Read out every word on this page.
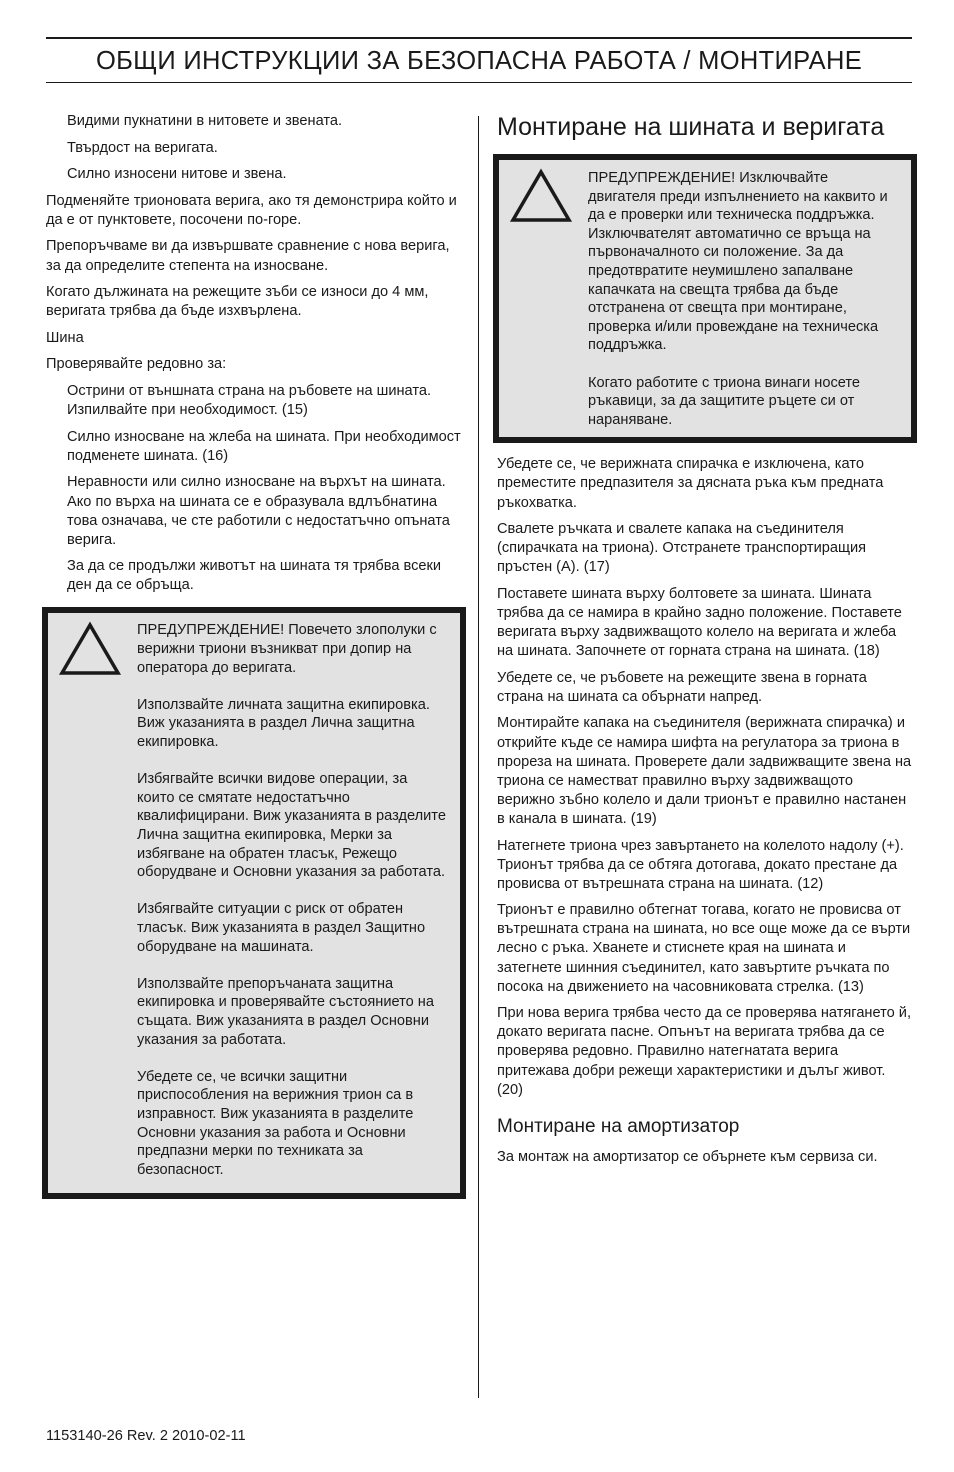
ОБЩИ ИНСТРУКЦИИ ЗА БЕЗОПАСНА РАБОТА / МОНТИРАНЕ

Видими пукнатини в нитовете и звената.

Твърдост на веригата.

Силно износени нитове и звена.

Подменяйте трионовата верига, ако тя демонстрира който и да е от пунктовете, посочени по-горе.

Препоръчваме ви да извършвате сравнение с нова верига, за да определите степента на износване.

Когато дължината на режещите зъби се износи до 4 мм, веригата трябва да бъде изхвърлена.

Шина

Проверявайте редовно за:

Острини от външната страна на ръбовете на шината. Изпилвайте при необходимост. (15)

Силно износване на жлеба на шината. При необходимост подменете шината. (16)

Неравности или силно износване на върхът на шината. Ако по върха на шината се е образувала вдлъбнатина това означава, че сте работили с недостатъчно опъната верига.

За да се продължи животът на шината тя трябва всеки ден да се обръща.

ПРЕДУПРЕЖДЕНИЕ! Повечето злополуки с верижни триони възникват при допир на оператора до веригата.

Използвайте личната защитна екипировка. Виж указанията в раздел Лична защитна екипировка.

Избягвайте всички видове операции, за които се смятате недостатъчно квалифицирани. Виж указанията в разделите Лична защитна екипировка, Мерки за избягване на обратен тласък, Режещо оборудване и Основни указания за работата.

Избягвайте ситуации с риск от обратен тласък. Виж указанията в раздел Защитно оборудване на машината.

Използвайте препоръчаната защитна екипировка и проверявайте състоянието на същата. Виж указанията в раздел Основни указания за работата.

Убедете се, че всички защитни приспособления на верижния трион са в изправност. Виж указанията в разделите Основни указания за работа и Основни предпазни мерки по техниката за безопасност.

Монтиране на шината и веригата

ПРЕДУПРЕЖДЕНИЕ! Изключвайте двигателя преди изпълнението на каквито и да е проверки или техническа поддръжка. Изключвателят автоматично се връща на първоначалното си положение. За да предотвратите неумишлено запалване капачката на свещта трябва да бъде отстранена от свещта при монтиране, проверка и/или провеждане на техническа поддръжка.

Когато работите с триона винаги носете ръкавици, за да защитите ръцете си от нараняване.

Убедете се, че верижната спирачка е изключена, като преместите предпазителя за дясната ръка към предната ръкохватка.

Свалете ръчката и свалете капака на съединителя (спирачката на триона). Отстранете транспортиращия пръстен (A). (17)

Поставете шината върху болтовете за шината. Шината трябва да се намира в крайно задно положение. Поставете веригата върху задвижващото колело на веригата и жлеба на шината. Започнете от горната страна на шината. (18)

Убедете се, че ръбовете на режещите звена в горната страна на шината са обърнати напред.

Монтирайте капака на съединителя (верижната спирачка) и открийте къде се намира шифта на регулатора за триона в прореза на шината. Проверете дали задвижващите звена на триона се наместват правилно върху задвижващото верижно зъбно колело и дали трионът е правилно настанен в канала в шината. (19)

Натегнете триона чрез завъртането на колелото надолу (+). Трионът трябва да се обтяга дотогава, докато престане да провисва от вътрешната страна на шината. (12)

Трионът е правилно обтегнат тогава, когато не провисва от вътрешната страна на шината, но все още може да се върти лесно с ръка. Хванете и стиснете края на шината и затегнете шинния съединител, като завъртите ръчката по посока на движението на часовниковата стрелка. (13)

При нова верига трябва често да се проверява натягането й, докато веригата пасне. Опънът на веригата трябва да се проверява редовно. Правилно натегнатата верига притежава добри режещи характеристики и дълъг живот. (20)

Монтиране на амортизатор

За монтаж на амортизатор се обърнете към сервиза си.

1153140-26 Rev. 2 2010-02-11
